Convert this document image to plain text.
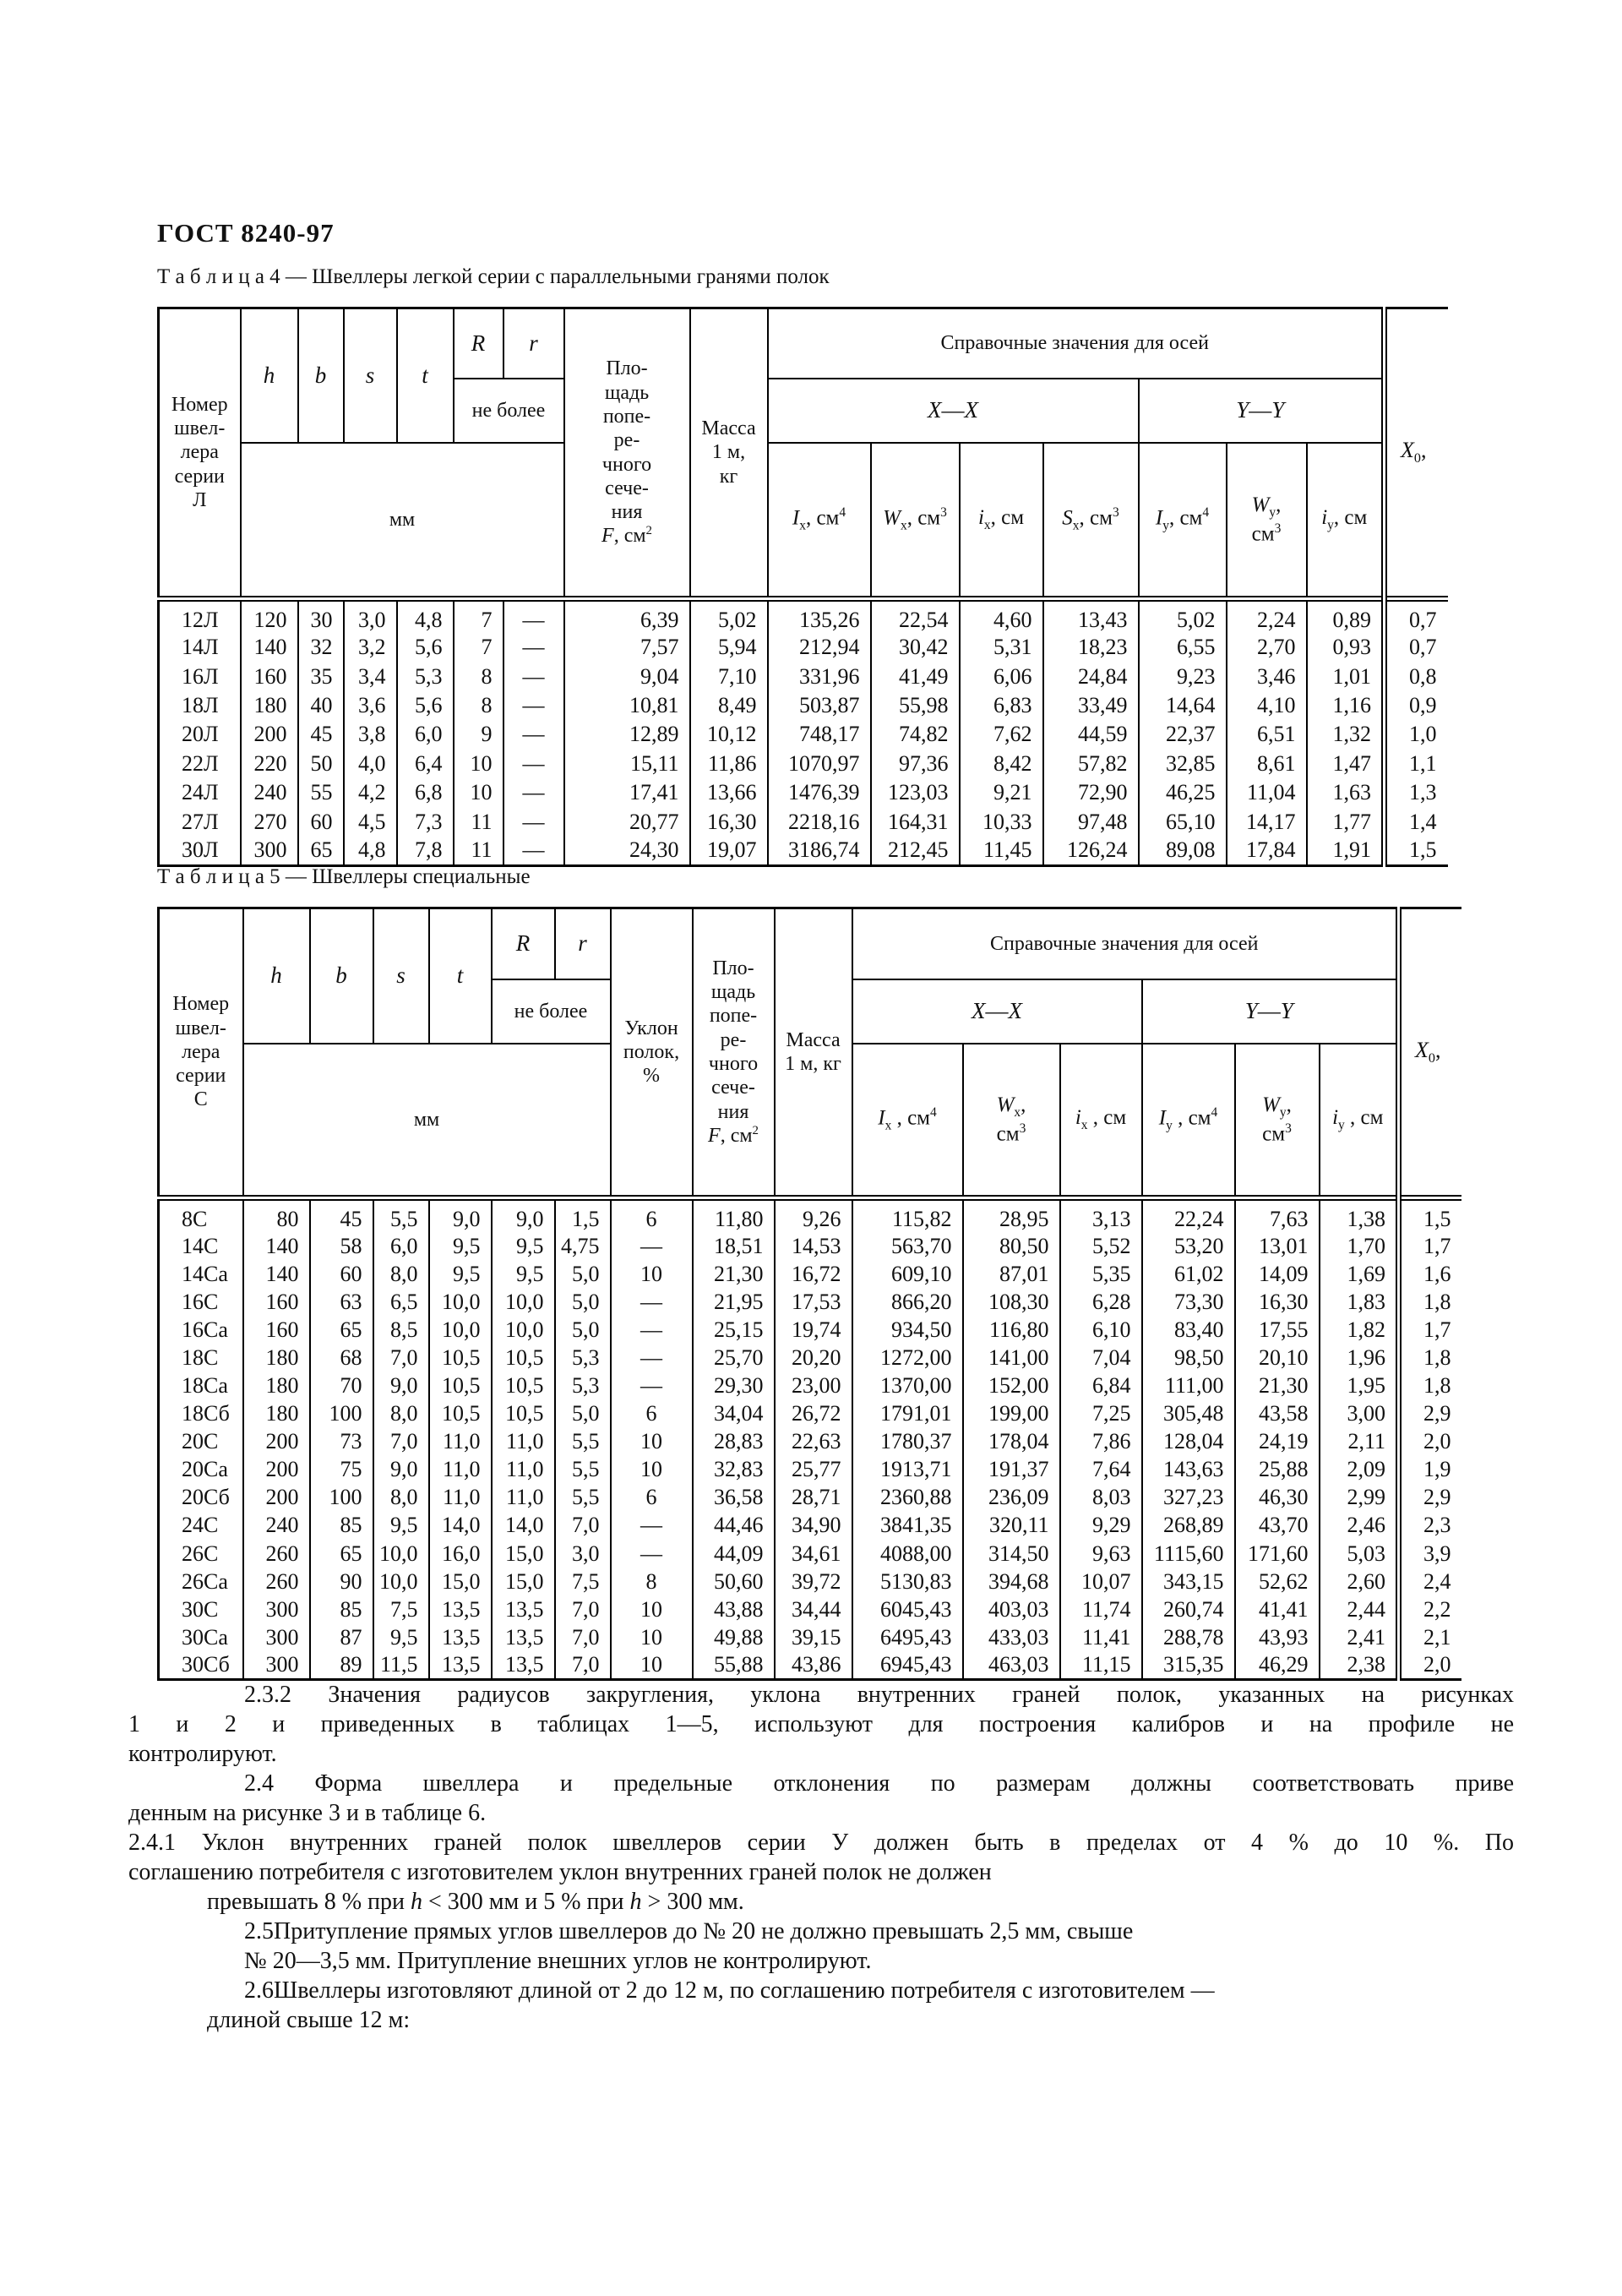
ГОСТ 8240-97
Т а б л и ц а 4 — Швеллеры легкой серии с параллельными гранями полок
Номер
швел-
лера
серии
Л	h	b	s	t	R	r	Пло-
щадь
попе-
ре-
чного
сече-
ния
F, $см^2$	Масса
1 м,
кг	Справочные значения для осей	$X_0$,
					не более				X—X				Y—Y			
	мм								$I_x$, $см^4$	$W_x$, $см^3$	$i_x$, см	$S_x$, $см^3$	$I_y$, $см^4$	$W_y$,
$см^3$	$i_y$, см	
12Л	120	30	3,0	4,8	7	—	6,39	5,02	135,26	22,54	4,60	13,43	5,02	2,24	0,89	0,7
14Л	140	32	3,2	5,6	7	—	7,57	5,94	212,94	30,42	5,31	18,23	6,55	2,70	0,93	0,7
16Л	160	35	3,4	5,3	8	—	9,04	7,10	331,96	41,49	6,06	24,84	9,23	3,46	1,01	0,8
18Л	180	40	3,6	5,6	8	—	10,81	8,49	503,87	55,98	6,83	33,49	14,64	4,10	1,16	0,9
20Л	200	45	3,8	6,0	9	—	12,89	10,12	748,17	74,82	7,62	44,59	22,37	6,51	1,32	1,0
22Л	220	50	4,0	6,4	10	—	15,11	11,86	1070,97	97,36	8,42	57,82	32,85	8,61	1,47	1,1
24Л	240	55	4,2	6,8	10	—	17,41	13,66	1476,39	123,03	9,21	72,90	46,25	11,04	1,63	1,3
27Л	270	60	4,5	7,3	11	—	20,77	16,30	2218,16	164,31	10,33	97,48	65,10	14,17	1,77	1,4
30Л	300	65	4,8	7,8	11	—	24,30	19,07	3186,74	212,45	11,45	126,24	89,08	17,84	1,91	1,5
Т а б л и ц а 5 — Швеллеры специальные
Номер
швел-
лера
серии
С	h	b	s	t	R	r	Уклон
полок,
%	Пло-
щадь
попе-
ре-
чного
сече-
ния
F, $см^2$	Масса
1 м, кг	Справочные значения для осей	$X_0$,
					не более					X—X			Y—Y			
	мм									$I_x$ , $см^4$	$W_x$,
$см^3$	$i_x$ , см	$I_y$ , $см^4$	$W_y$,
$см^3$	$i_y$ , см	
8С	80	45	5,5	9,0	9,0	1,5	6	11,80	9,26	115,82	28,95	3,13	22,24	7,63	1,38	1,5
14С	140	58	6,0	9,5	9,5	4,75	—	18,51	14,53	563,70	80,50	5,52	53,20	13,01	1,70	1,7
14Са	140	60	8,0	9,5	9,5	5,0	10	21,30	16,72	609,10	87,01	5,35	61,02	14,09	1,69	1,6
16С	160	63	6,5	10,0	10,0	5,0	—	21,95	17,53	866,20	108,30	6,28	73,30	16,30	1,83	1,8
16Са	160	65	8,5	10,0	10,0	5,0	—	25,15	19,74	934,50	116,80	6,10	83,40	17,55	1,82	1,7
18С	180	68	7,0	10,5	10,5	5,3	—	25,70	20,20	1272,00	141,00	7,04	98,50	20,10	1,96	1,8
18Са	180	70	9,0	10,5	10,5	5,3	—	29,30	23,00	1370,00	152,00	6,84	111,00	21,30	1,95	1,8
18Сб	180	100	8,0	10,5	10,5	5,0	6	34,04	26,72	1791,01	199,00	7,25	305,48	43,58	3,00	2,9
20С	200	73	7,0	11,0	11,0	5,5	10	28,83	22,63	1780,37	178,04	7,86	128,04	24,19	2,11	2,0
20Са	200	75	9,0	11,0	11,0	5,5	10	32,83	25,77	1913,71	191,37	7,64	143,63	25,88	2,09	1,9
20Сб	200	100	8,0	11,0	11,0	5,5	6	36,58	28,71	2360,88	236,09	8,03	327,23	46,30	2,99	2,9
24С	240	85	9,5	14,0	14,0	7,0	—	44,46	34,90	3841,35	320,11	9,29	268,89	43,70	2,46	2,3
26С	260	65	10,0	16,0	15,0	3,0	—	44,09	34,61	4088,00	314,50	9,63	1115,60	171,60	5,03	3,9
26Са	260	90	10,0	15,0	15,0	7,5	8	50,60	39,72	5130,83	394,68	10,07	343,15	52,62	2,60	2,4
30С	300	85	7,5	13,5	13,5	7,0	10	43,88	34,44	6045,43	403,03	11,74	260,74	41,41	2,44	2,2
30Са	300	87	9,5	13,5	13,5	7,0	10	49,88	39,15	6495,43	433,03	11,41	288,78	43,93	2,41	2,1
30Сб	300	89	11,5	13,5	13,5	7,0	10	55,88	43,86	6945,43	463,03	11,15	315,35	46,29	2,38	2,0
2.3.2 Значения радиусов закругления, уклона внутренних граней полок, указанных на рисунках
1 и 2 и приведенных в таблицах 1—5, используют для построения калибров и на профиле не
контролируют.
2.4 Форма швеллера и предельные отклонения по размерам должны соответствовать приве
денным на рисунке 3 и в таблице 6.
2.4.1 Уклон внутренних граней полок швеллеров серии У должен быть в пределах от 4 % до 10 %. По
соглашению потребителя с изготовителем уклон внутренних граней полок не должен
превышать 8 % при h < 300 мм и 5 % при h > 300 мм.
2.5Притупление прямых углов швеллеров до № 20 не должно превышать 2,5 мм, свыше
№ 20—3,5 мм. Притупление внешних углов не контролируют.
2.6Швеллеры изготовляют длиной от 2 до 12 м, по соглашению потребителя с изготовителем —
длиной свыше 12 м:
